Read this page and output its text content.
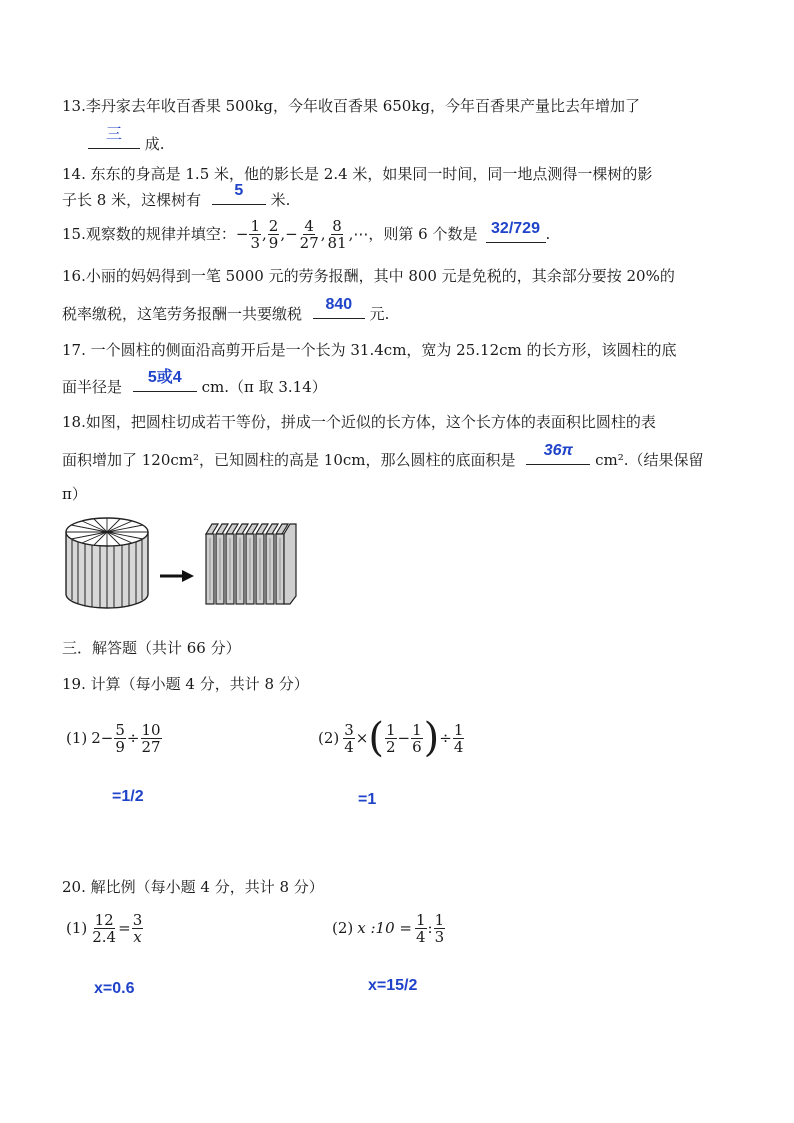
13.李丹家去年收百香果 500kg，今年收百香果 650kg，今年百香果产量比去年增加了
三
成.
14. 东东的身高是 1.5 米，他的影长是 2.4 米，如果同一时间，同一地点测得一棵树的影
子长 8 米，这棵树有
5
米.
15.观察数的规律并填空： − $\frac{1}{3}$ , $\frac{2}{9}$ ,− $\frac{4}{27}$ , $\frac{8}{81}$ ,⋯ ，则第 6 个数是 32/729 .
16.小丽的妈妈得到一笔 5000 元的劳务报酬，其中 800 元是免税的，其余部分要按 20%的
税率缴税，这笔劳务报酬一共要缴税
840
元.
17. 一个圆柱的侧面沿高剪开后是一个长为 31.4cm，宽为 25.12cm 的长方形，该圆柱的底
面半径是
5或4
cm.（π 取 3.14）
18.如图，把圆柱切成若干等份，拼成一个近似的长方体，这个长方体的表面积比圆柱的表
面积增加了 120cm²，已知圆柱的高是 10cm，那么圆柱的底面积是
36π
cm².（结果保留
π）
三．解答题（共计 66 分）
19. 计算（每小题 4 分，共计 8 分）
(1) $2 - \frac{5}{9} \div \frac{10}{27}$
=1/2
$(2) \frac{3}{4}$ × ( $\frac{1}{2} - \frac{1}{6}$ ) ÷ $\frac{1}{4}$
=1
20. 解比例（每小题 4 分，共计 8 分）
$(1) \frac{12}{2.4} = \frac{3}{x}$
x=0.6
(2) x :10 = $\frac{1}{4}$ : $\frac{1}{3}$
x=15/2
